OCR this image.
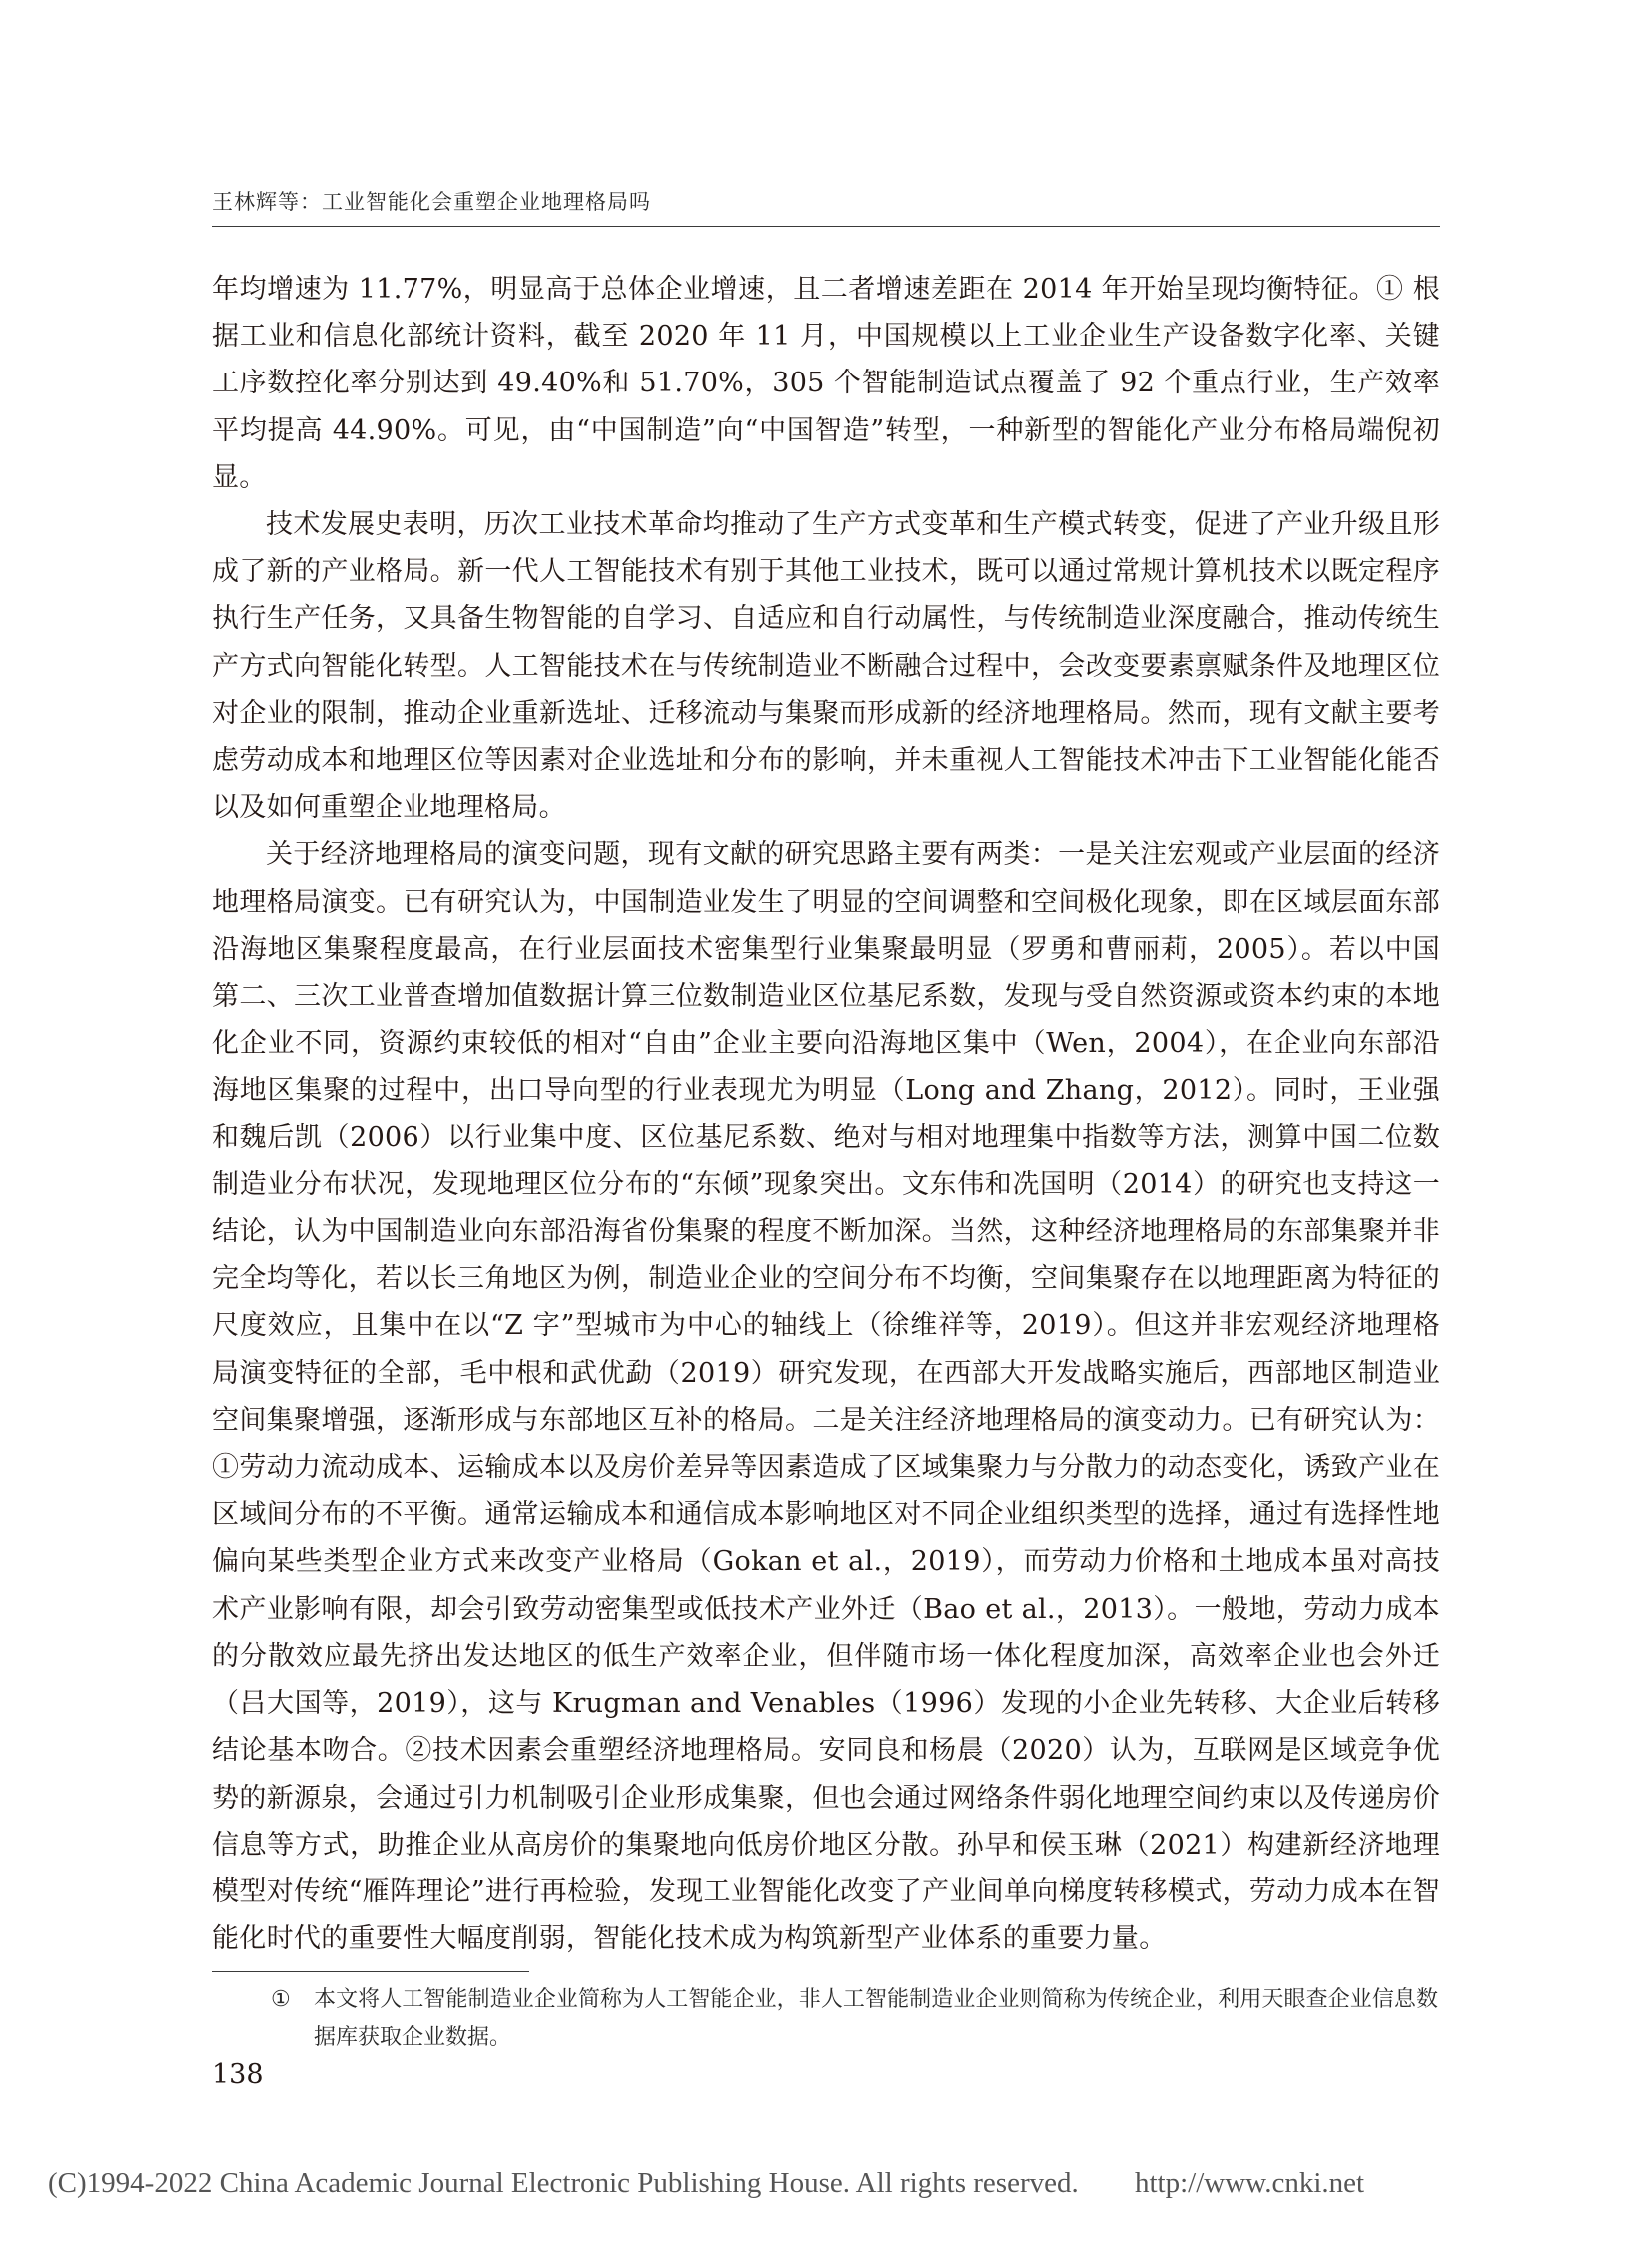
王林辉等：工业智能化会重塑企业地理格局吗

年均增速为 11.77%，明显高于总体企业增速，且二者增速差距在 2014 年开始呈现均衡特征。① 根据工业和信息化部统计资料，截至 2020 年 11 月，中国规模以上工业企业生产设备数字化率、关键工序数控化率分别达到 49.40%和 51.70%，305 个智能制造试点覆盖了 92 个重点行业，生产效率平均提高 44.90%。可见，由“中国制造”向“中国智造”转型，一种新型的智能化产业分布格局端倪初显。

技术发展史表明，历次工业技术革命均推动了生产方式变革和生产模式转变，促进了产业升级且形成了新的产业格局。新一代人工智能技术有别于其他工业技术，既可以通过常规计算机技术以既定程序执行生产任务，又具备生物智能的自学习、自适应和自行动属性，与传统制造业深度融合，推动传统生产方式向智能化转型。人工智能技术在与传统制造业不断融合过程中，会改变要素禀赋条件及地理区位对企业的限制，推动企业重新选址、迁移流动与集聚而形成新的经济地理格局。然而，现有文献主要考虑劳动成本和地理区位等因素对企业选址和分布的影响，并未重视人工智能技术冲击下工业智能化能否以及如何重塑企业地理格局。

关于经济地理格局的演变问题，现有文献的研究思路主要有两类：一是关注宏观或产业层面的经济地理格局演变。已有研究认为，中国制造业发生了明显的空间调整和空间极化现象，即在区域层面东部沿海地区集聚程度最高，在行业层面技术密集型行业集聚最明显（罗勇和曹丽莉，2005）。若以中国第二、三次工业普查增加值数据计算三位数制造业区位基尼系数，发现与受自然资源或资本约束的本地化企业不同，资源约束较低的相对“自由”企业主要向沿海地区集中（Wen，2004），在企业向东部沿海地区集聚的过程中，出口导向型的行业表现尤为明显（Long and Zhang，2012）。同时，王业强和魏后凯（2006）以行业集中度、区位基尼系数、绝对与相对地理集中指数等方法，测算中国二位数制造业分布状况，发现地理区位分布的“东倾”现象突出。文东伟和冼国明（2014）的研究也支持这一结论，认为中国制造业向东部沿海省份集聚的程度不断加深。当然，这种经济地理格局的东部集聚并非完全均等化，若以长三角地区为例，制造业企业的空间分布不均衡，空间集聚存在以地理距离为特征的尺度效应，且集中在以“Z 字”型城市为中心的轴线上（徐维祥等，2019）。但这并非宏观经济地理格局演变特征的全部，毛中根和武优勐（2019）研究发现，在西部大开发战略实施后，西部地区制造业空间集聚增强，逐渐形成与东部地区互补的格局。二是关注经济地理格局的演变动力。已有研究认为：①劳动力流动成本、运输成本以及房价差异等因素造成了区域集聚力与分散力的动态变化，诱致产业在区域间分布的不平衡。通常运输成本和通信成本影响地区对不同企业组织类型的选择，通过有选择性地偏向某些类型企业方式来改变产业格局（Gokan et al.，2019），而劳动力价格和土地成本虽对高技术产业影响有限，却会引致劳动密集型或低技术产业外迁（Bao et al.，2013）。一般地，劳动力成本的分散效应最先挤出发达地区的低生产效率企业，但伴随市场一体化程度加深，高效率企业也会外迁（吕大国等，2019），这与 Krugman and Venables（1996）发现的小企业先转移、大企业后转移结论基本吻合。②技术因素会重塑经济地理格局。安同良和杨晨（2020）认为，互联网是区域竞争优势的新源泉，会通过引力机制吸引企业形成集聚，但也会通过网络条件弱化地理空间约束以及传递房价信息等方式，助推企业从高房价的集聚地向低房价地区分散。孙早和侯玉琳（2021）构建新经济地理模型对传统“雁阵理论”进行再检验，发现工业智能化改变了产业间单向梯度转移模式，劳动力成本在智能化时代的重要性大幅度削弱，智能化技术成为构筑新型产业体系的重要力量。

①	本文将人工智能制造业企业简称为人工智能企业，非人工智能制造业企业则简称为传统企业，利用天眼查企业信息数据库获取企业数据。
138
(C)1994-2022 China Academic Journal Electronic Publishing House. All rights reserved. http://www.cnki.net
